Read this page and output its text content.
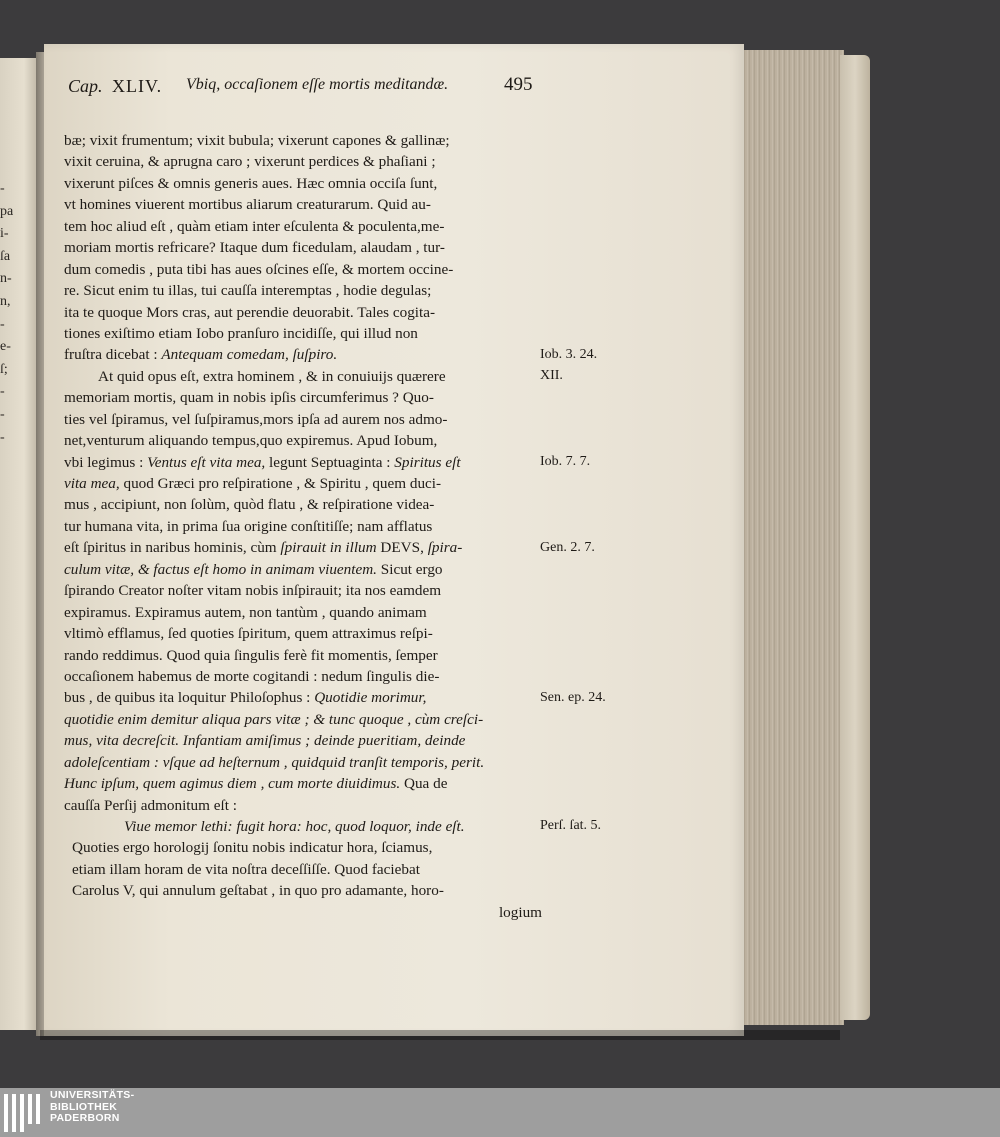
-
pa
i-
ſa
n-
n,
-
e-
ſ;
-
-
-
Cap. XLIV. Vbiq, occaſionem eſſe mortis meditandæ.	495
bæ; vixit frumentum; vixit bubula; vixerunt capones & gallinæ;
vixit ceruina, & aprugna caro ; vixerunt perdices & phaſiani ;
vixerunt piſces & omnis generis aues. Hæc omnia occiſa ſunt,
vt homines viuerent mortibus aliarum creaturarum. Quid au-
tem hoc aliud eſt , quàm etiam inter eſculenta & poculenta,me-
moriam mortis refricare? Itaque dum ficedulam, alaudam , tur-
dum comedis , puta tibi has aues oſcines eſſe, & mortem occine-
re. Sicut enim tu illas, tui cauſſa interemptas , hodie degulas;
ita te quoque Mors cras, aut perendie deuorabit. Tales cogita-
tiones exiſtimo etiam Iobo pranſuro incidiſſe, qui illud non
fruſtra dicebat : Antequam comedam, ſuſpiro.
At quid opus eſt, extra hominem , & in conuiuijs quærere
memoriam mortis, quam in nobis ipſis circumferimus ? Quo-
ties vel ſpiramus, vel ſuſpiramus,mors ipſa ad aurem nos admo-
net,venturum aliquando tempus,quo expiremus. Apud Iobum,
vbi legimus : Ventus eſt vita mea, legunt Septuaginta : Spiritus eſt
vita mea, quod Græci pro reſpiratione , & Spiritu , quem duci-
mus , accipiunt, non ſolùm, quòd flatu , & reſpiratione videa-
tur humana vita, in prima ſua origine conſtitiſſe; nam afflatus
eſt ſpiritus in naribus hominis, cùm ſpirauit in illum DEVS, ſpira-
culum vitæ, & factus eſt homo in animam viuentem. Sicut ergo
ſpirando Creator noſter vitam nobis inſpirauit; ita nos eamdem
expiramus. Expiramus autem, non tantùm , quando animam
vltimò efflamus, ſed quoties ſpiritum, quem attraximus reſpi-
rando reddimus. Quod quia ſingulis ferè fit momentis, ſemper
occaſionem habemus de morte cogitandi : nedum ſingulis die-
bus , de quibus ita loquitur Philoſophus : Quotidie morimur,
quotidie enim demitur aliqua pars vitæ ; & tunc quoque , cùm creſci-
mus, vita decreſcit. Infantiam amiſimus ; deinde pueritiam, deinde
adoleſcentiam : vſque ad heſternum , quidquid tranſit temporis, perit.
Hunc ipſum, quem agimus diem , cum morte diuidimus. Qua de
cauſſa Perſij admonitum eſt :
Viue memor lethi: fugit hora: hoc, quod loquor, inde eſt.
Quoties ergo horologij ſonitu nobis indicatur hora, ſciamus,
etiam illam horam de vita noſtra deceſſiſſe. Quod faciebat
Carolus V, qui annulum geſtabat , in quo pro adamante, horo-
logium
Iob. 3. 24.
XII.
Iob. 7. 7.
Gen. 2. 7.
Sen. ep. 24.
Perſ. ſat. 5.
UNIVERSITÄTS-
BIBLIOTHEK
PADERBORN
